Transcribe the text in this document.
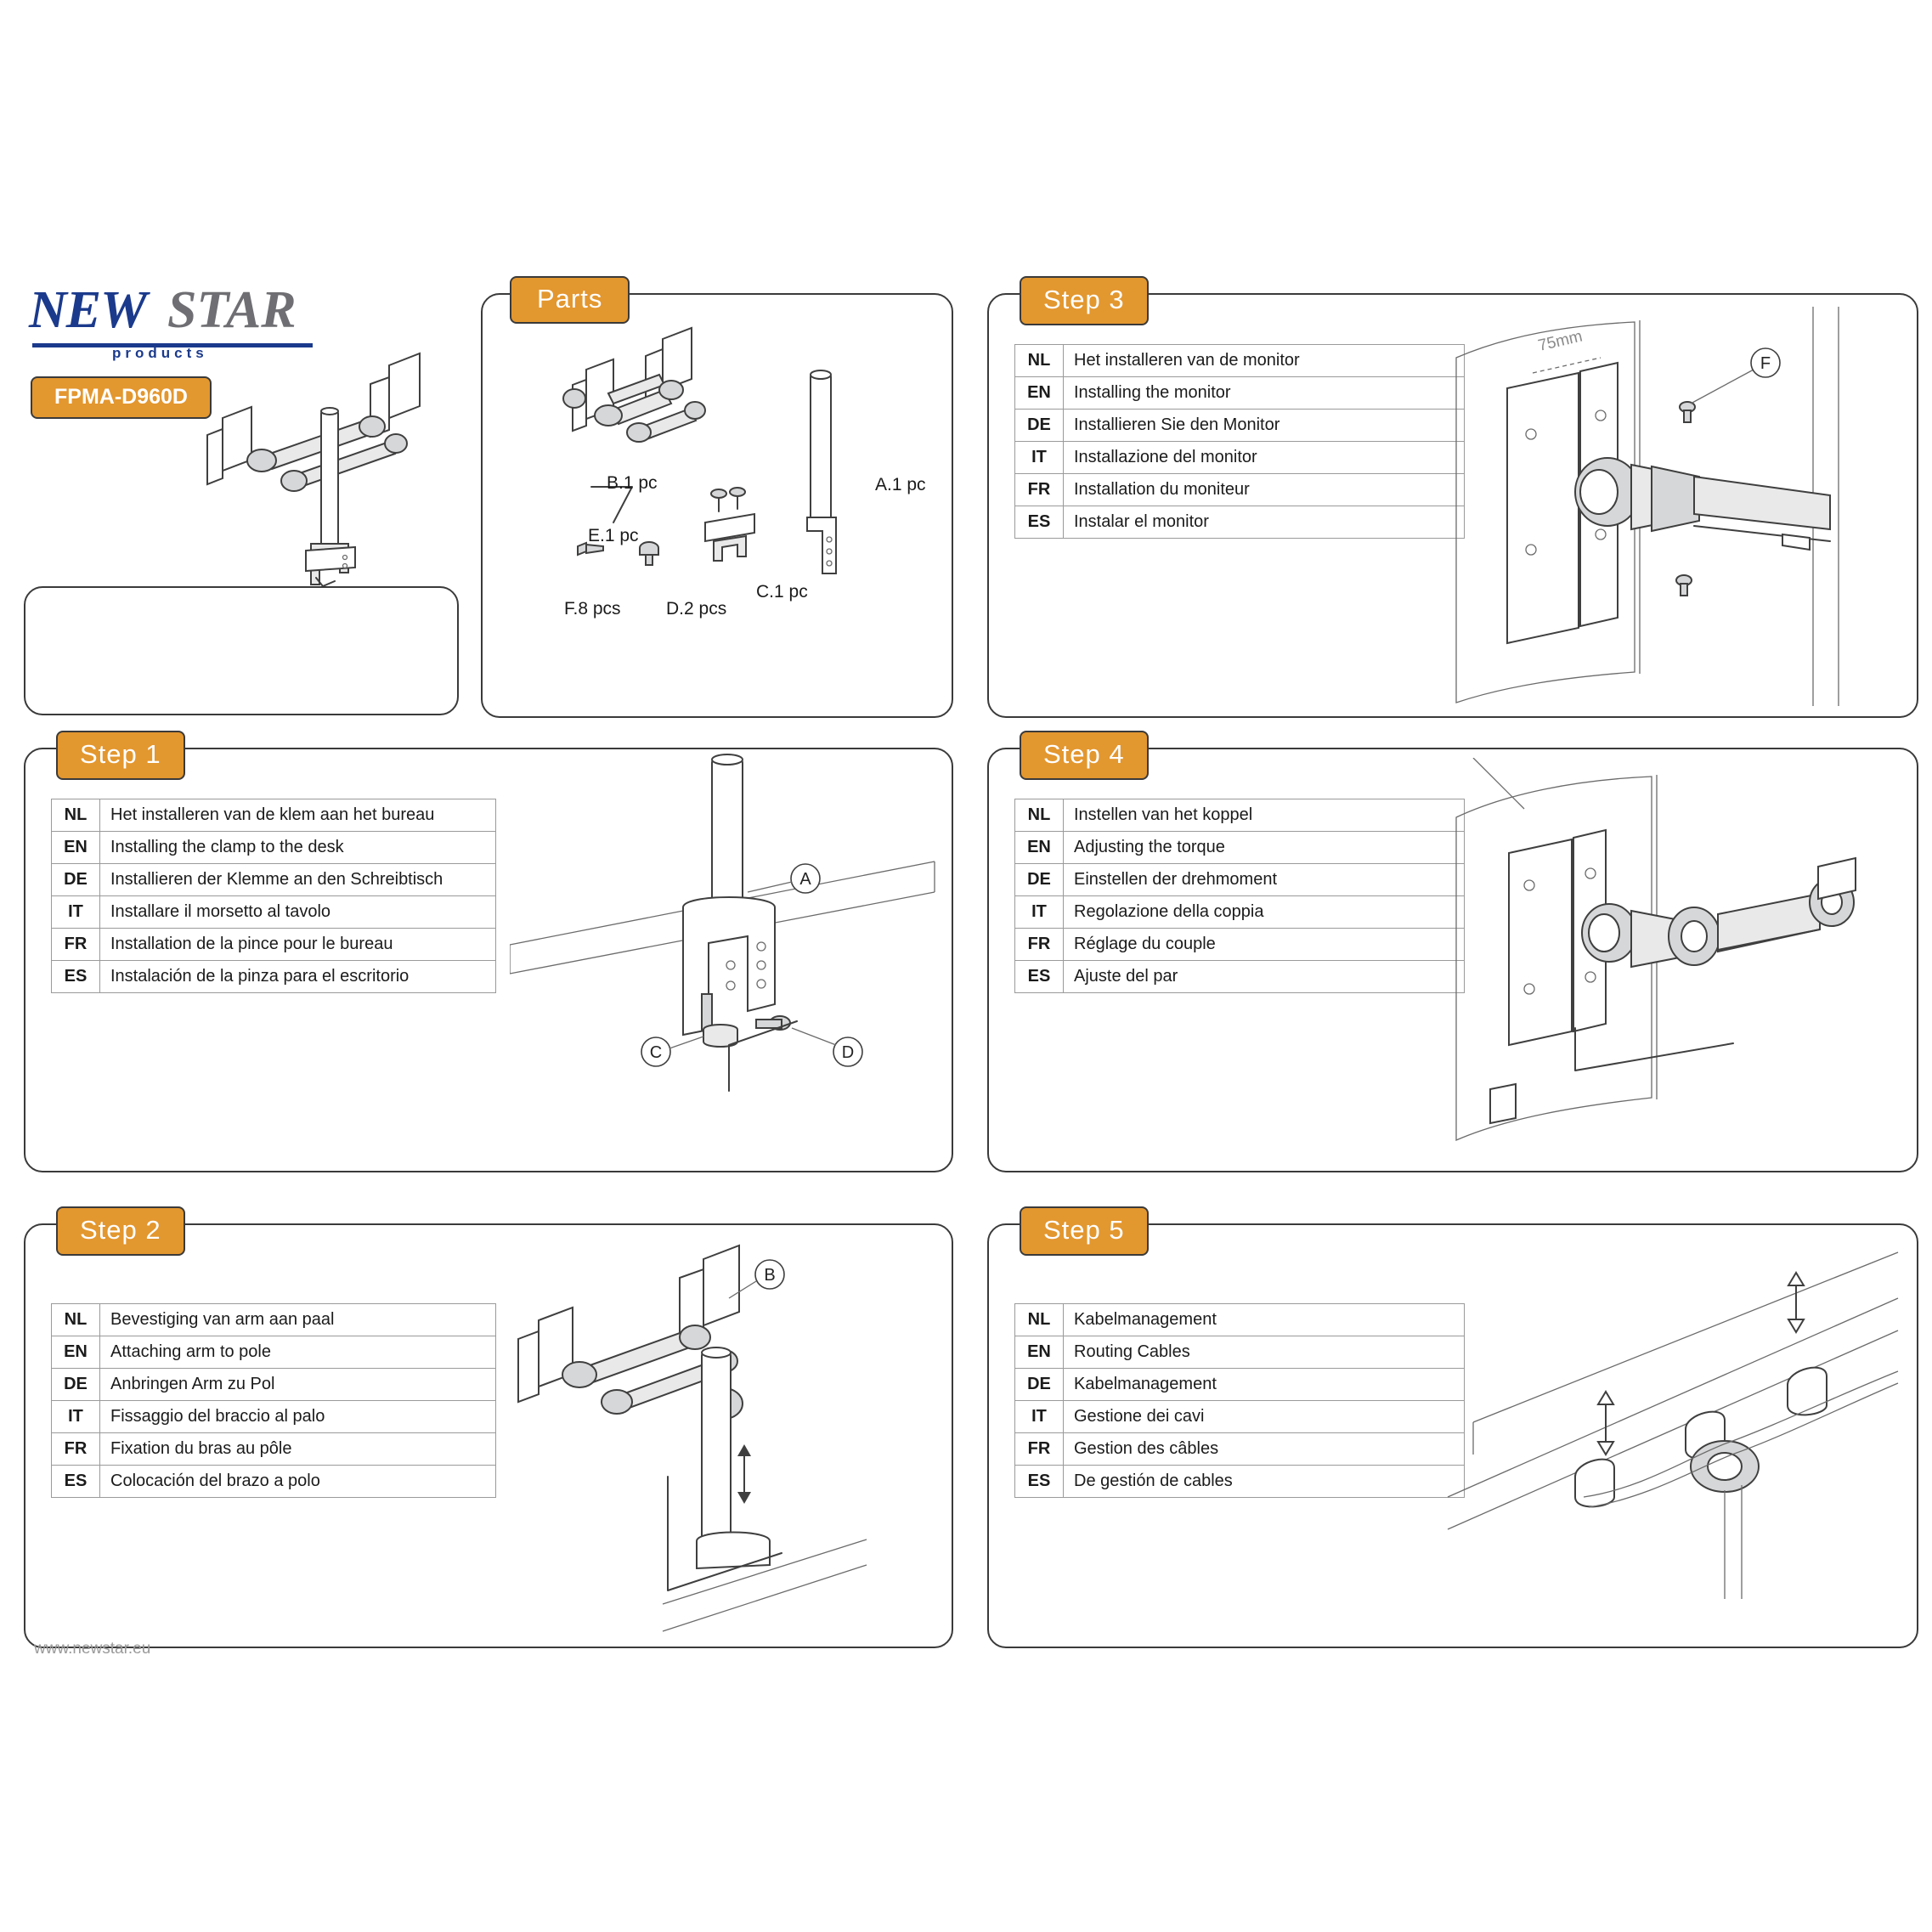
NEW STAR
products
FPMA-D960D
Parts
B.1 pc	A.1 pc
E.1 pc
C.1 pc
F.8 pcs	D.2 pcs
Step 3
NL	Het installeren van de monitor
EN	Installing the monitor
DE	Installieren Sie den Monitor
IT	Installazione del monitor
FR	Installation du moniteur
ES	Instalar el monitor
75mm
F
Step 1
NL	Het installeren van de klem aan het bureau
EN	Installing the clamp to the desk
DE	Installieren der Klemme an den Schreibtisch
IT	Installare il morsetto al tavolo
FR	Installation de la pince pour le bureau
ES	Instalación de la pinza para el escritorio
A
C	D
Step 4
NL	Instellen van het koppel
EN	Adjusting the torque
DE	Einstellen der drehmoment
IT	Regolazione della coppia
FR	Réglage du couple
ES	Ajuste del par
Step 2
NL	Bevestiging van arm aan paal
EN	Attaching arm to pole
DE	Anbringen Arm zu Pol
IT	Fissaggio del braccio al palo
FR	Fixation du bras au pôle
ES	Colocación del brazo a polo
B
Step 5
NL	Kabelmanagement
EN	Routing Cables
DE	Kabelmanagement
IT	Gestione dei cavi
FR	Gestion des câbles
ES	De gestión de cables
www.newstar.eu
